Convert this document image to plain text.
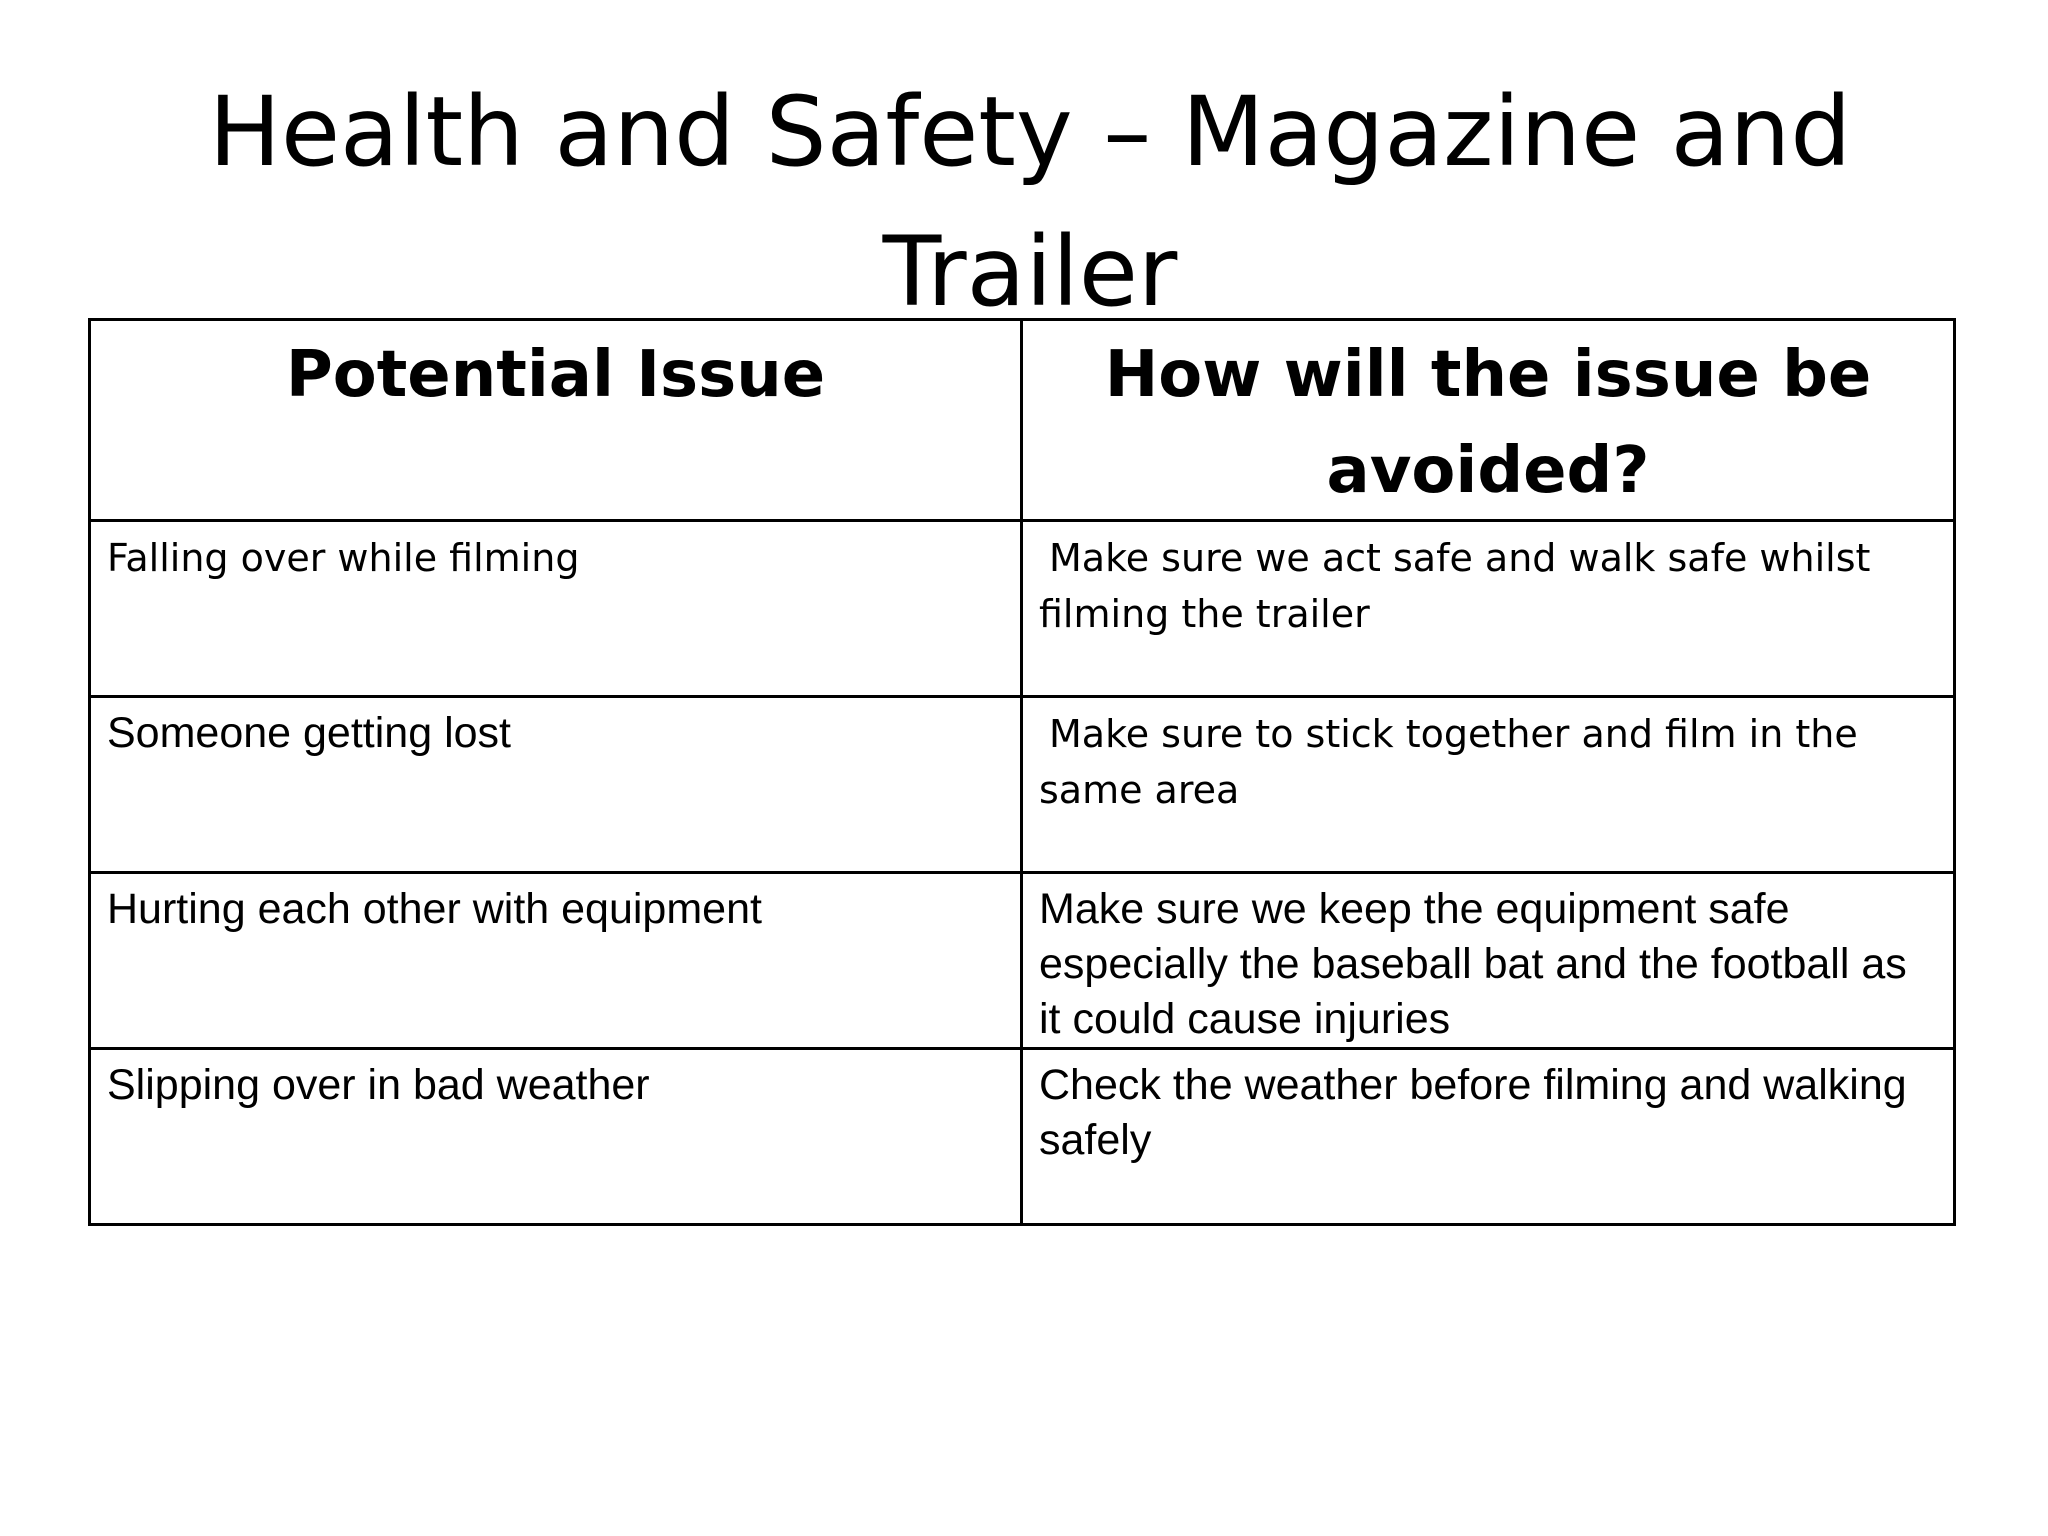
Health and Safety – Magazine and Trailer
Potential Issue	How will the issue be avoided?
Falling over while filming	Make sure we act safe and walk safe whilst filming the trailer
Someone getting lost	Make sure to stick together and film in the same area
Hurting each other with equipment	Make sure we keep the equipment safe especially the baseball bat and the football as it could cause injuries
Slipping over in bad weather	Check the weather before filming and walking safely
